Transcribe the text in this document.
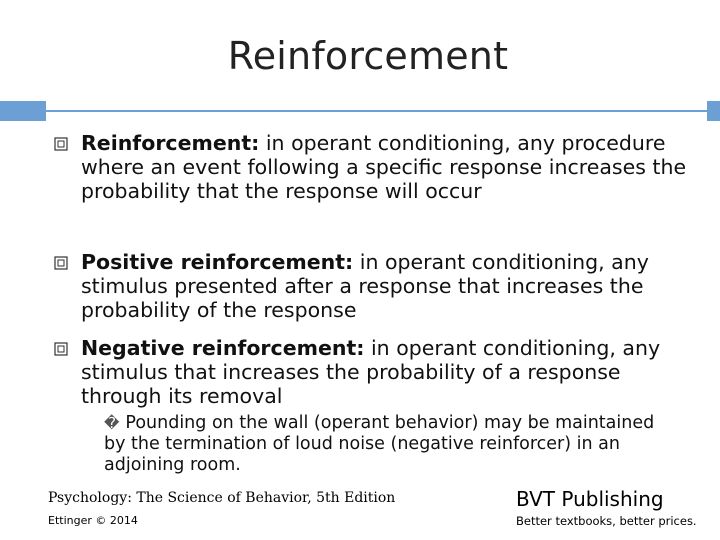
Reinforcement
Reinforcement: in operant conditioning, any procedure where an event following a specific response increases the probability that the response will occur
Positive reinforcement: in operant conditioning, any stimulus presented after a response that increases the probability of the response
Negative reinforcement: in operant conditioning, any stimulus that increases the probability of a response through its removal
� Pounding on the wall (operant behavior) may be maintained by the termination of loud noise (negative reinforcer) in an adjoining room.
Psychology: The Science of Behavior, 5th Edition
Ettinger © 2014
BVT Publishing
Better textbooks, better prices.
